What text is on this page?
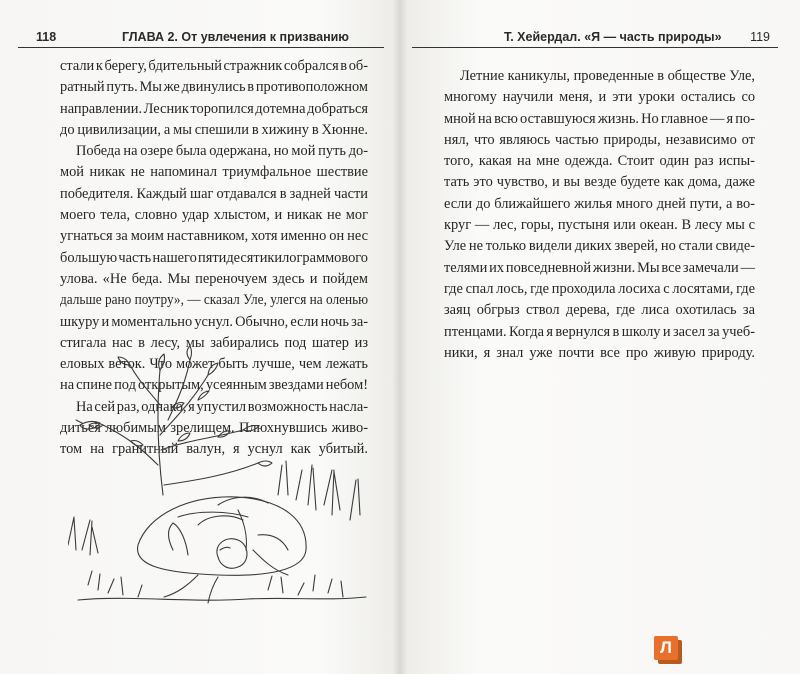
118	ГЛАВА 2. От увлечения к призванию
стали к берегу, бдительный стражник собрался в об-
ратный путь. Мы же двинулись в противоположном
направлении. Лесник торопился дотемна добраться
до цивилизации, а мы спешили в хижину в Хюнне.
Победа на озере была одержана, но мой путь до-
мой никак не напоминал триумфальное шествие
победителя. Каждый шаг отдавался в задней части
моего тела, словно удар хлыстом, и никак не мог
угнаться за моим наставником, хотя именно он нес
большую часть нашего пятидесятикилограммового
улова. «Не беда. Мы переночуем здесь и пойдем
дальше рано поутру», — сказал Уле, улегся на оленью
шкуру и моментально уснул. Обычно, если ночь за-
стигала нас в лесу, мы забирались под шатер из
еловых веток. Что может быть лучше, чем лежать
на спине под открытым, усеянным звездами небом!
На сей раз, однако, я упустил возможность насла-
диться любимым зрелищем. Плюхнувшись живо-
том на гранитный валун, я уснул как убитый.
Т. Хейердал. «Я — часть природы» 119
Летние каникулы, проведенные в обществе Уле,
многому научили меня, и эти уроки остались со
мной на всю оставшуюся жизнь. Но главное — я по-
нял, что являюсь частью природы, независимо от
того, какая на мне одежда. Стоит один раз испы-
тать это чувство, и вы везде будете как дома, даже
если до ближайшего жилья много дней пути, а во-
круг — лес, горы, пустыня или океан. В лесу мы с
Уле не только видели диких зверей, но стали свиде-
телями их повседневной жизни. Мы все замечали —
где спал лось, где проходила лосиха с лосятами, где
заяц обгрыз ствол дерева, где лиса охотилась за
птенцами. Когда я вернулся в школу и засел за учеб-
ники, я знал уже почти все про живую природу.
Л
